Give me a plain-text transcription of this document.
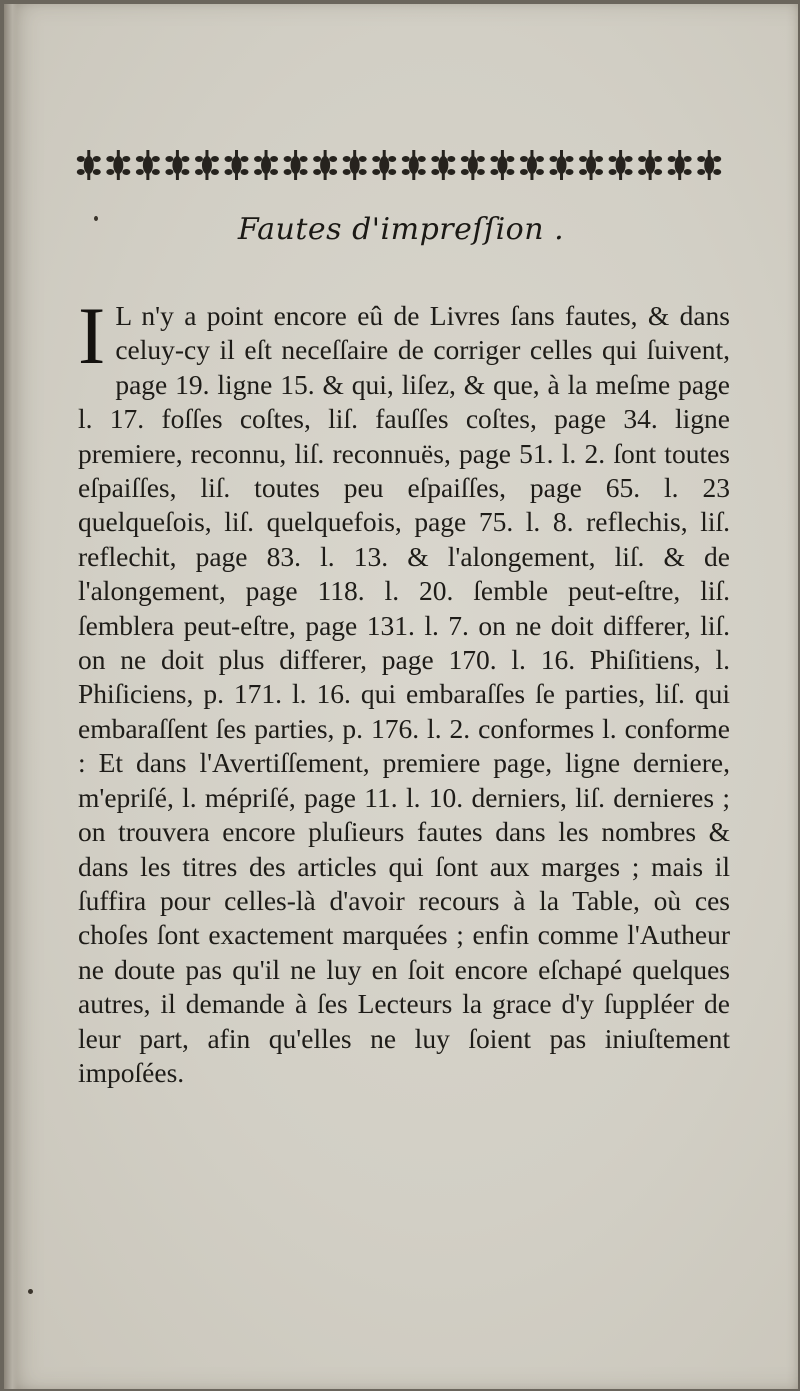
Fautes d'impreſſion .
I L n'y a point encore eû de Livres ſans fautes, & dans celuy-cy il eſt neceſſaire de corriger celles qui ſuivent, page 19. ligne 15. & qui, liſez, & que, à la meſme page l. 17. foſſes coſtes, liſ. fauſſes coſtes, page 34. ligne premiere, reconnu, liſ. reconnuës, page 51. l. 2. ſont toutes eſpaiſſes, liſ. toutes peu eſpaiſſes, page 65. l. 23 quelqueſois, liſ. quelquefois, page 75. l. 8. reflechis, liſ. reflechit, page 83. l. 13. & l'alongement, liſ. & de l'alongement, page 118. l. 20. ſemble peut-eſtre, liſ. ſemblera peut-eſtre, page 131. l. 7. on ne doit differer, liſ. on ne doit plus differer, page 170. l. 16. Phiſitiens, l. Phiſiciens, p. 171. l. 16. qui embaraſſes ſe parties, liſ. qui embaraſſent ſes parties, p. 176. l. 2. conformes l. conforme : Et dans l'Avertiſſement, premiere page, ligne derniere, m'epriſé, l. mépriſé, page 11. l. 10. derniers, liſ. dernieres ; on trouvera encore pluſieurs fautes dans les nombres & dans les titres des articles qui ſont aux marges ; mais il ſuffira pour celles-là d'avoir recours à la Table, où ces choſes ſont exactement marquées ; enfin comme l'Autheur ne doute pas qu'il ne luy en ſoit encore eſchapé quelques autres, il demande à ſes Lecteurs la grace d'y ſuppléer de leur part, afin qu'elles ne luy ſoient pas iniuſtement impoſées.
